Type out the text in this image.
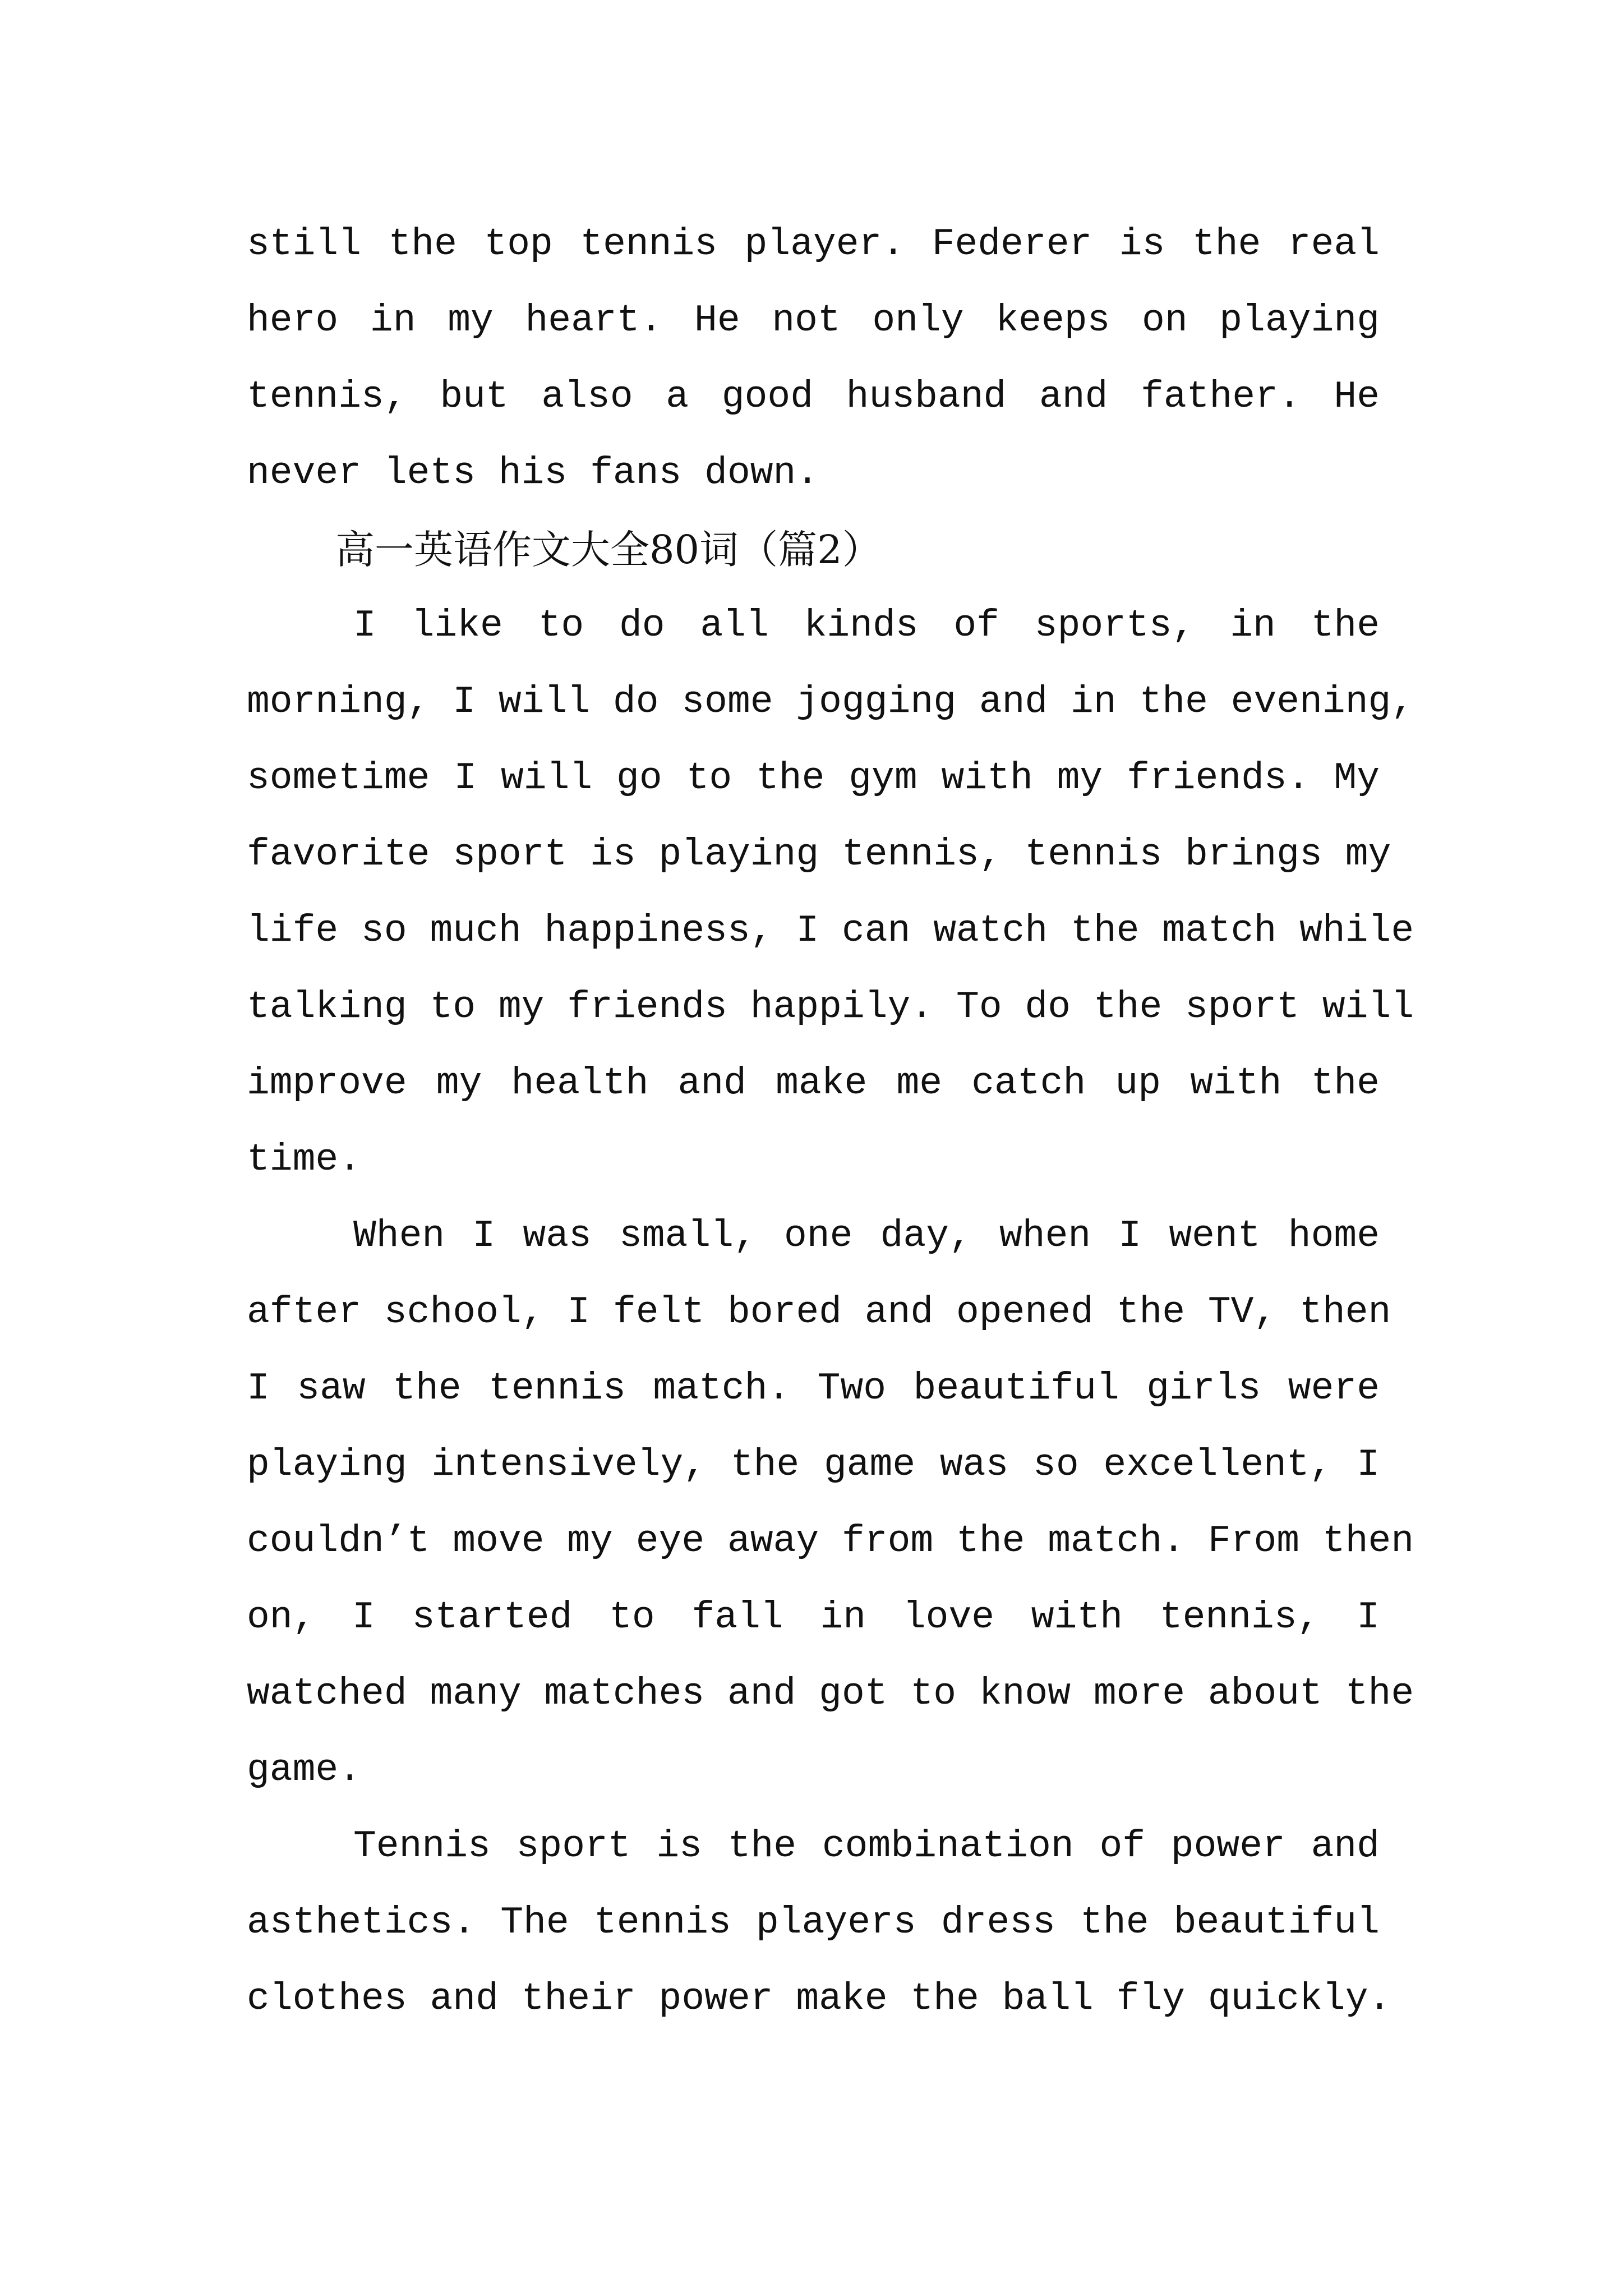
still the top tennis player. Federer is the real
hero in my heart. He not only keeps on playing
tennis, but also a good husband and father. He
never lets his fans down.
高一英语作文大全80词（篇2）
I like to do all kinds of sports, in the
morning, I will do some jogging and in the evening,
sometime I will go to the gym with my friends. My
favorite sport is playing tennis, tennis brings my
life so much happiness, I can watch the match while
talking to my friends happily. To do the sport will
improve my health and make me catch up with the
time.
When I was small, one day, when I went home
after school, I felt bored and opened the TV, then
I saw the tennis match. Two beautiful girls were
playing intensively, the game was so excellent, I
couldn’t move my eye away from the match. From then
on, I started to fall in love with tennis, I
watched many matches and got to know more about the
game.
Tennis sport is the combination of power and
asthetics. The tennis players dress the beautiful
clothes and their power make the ball fly quickly.
